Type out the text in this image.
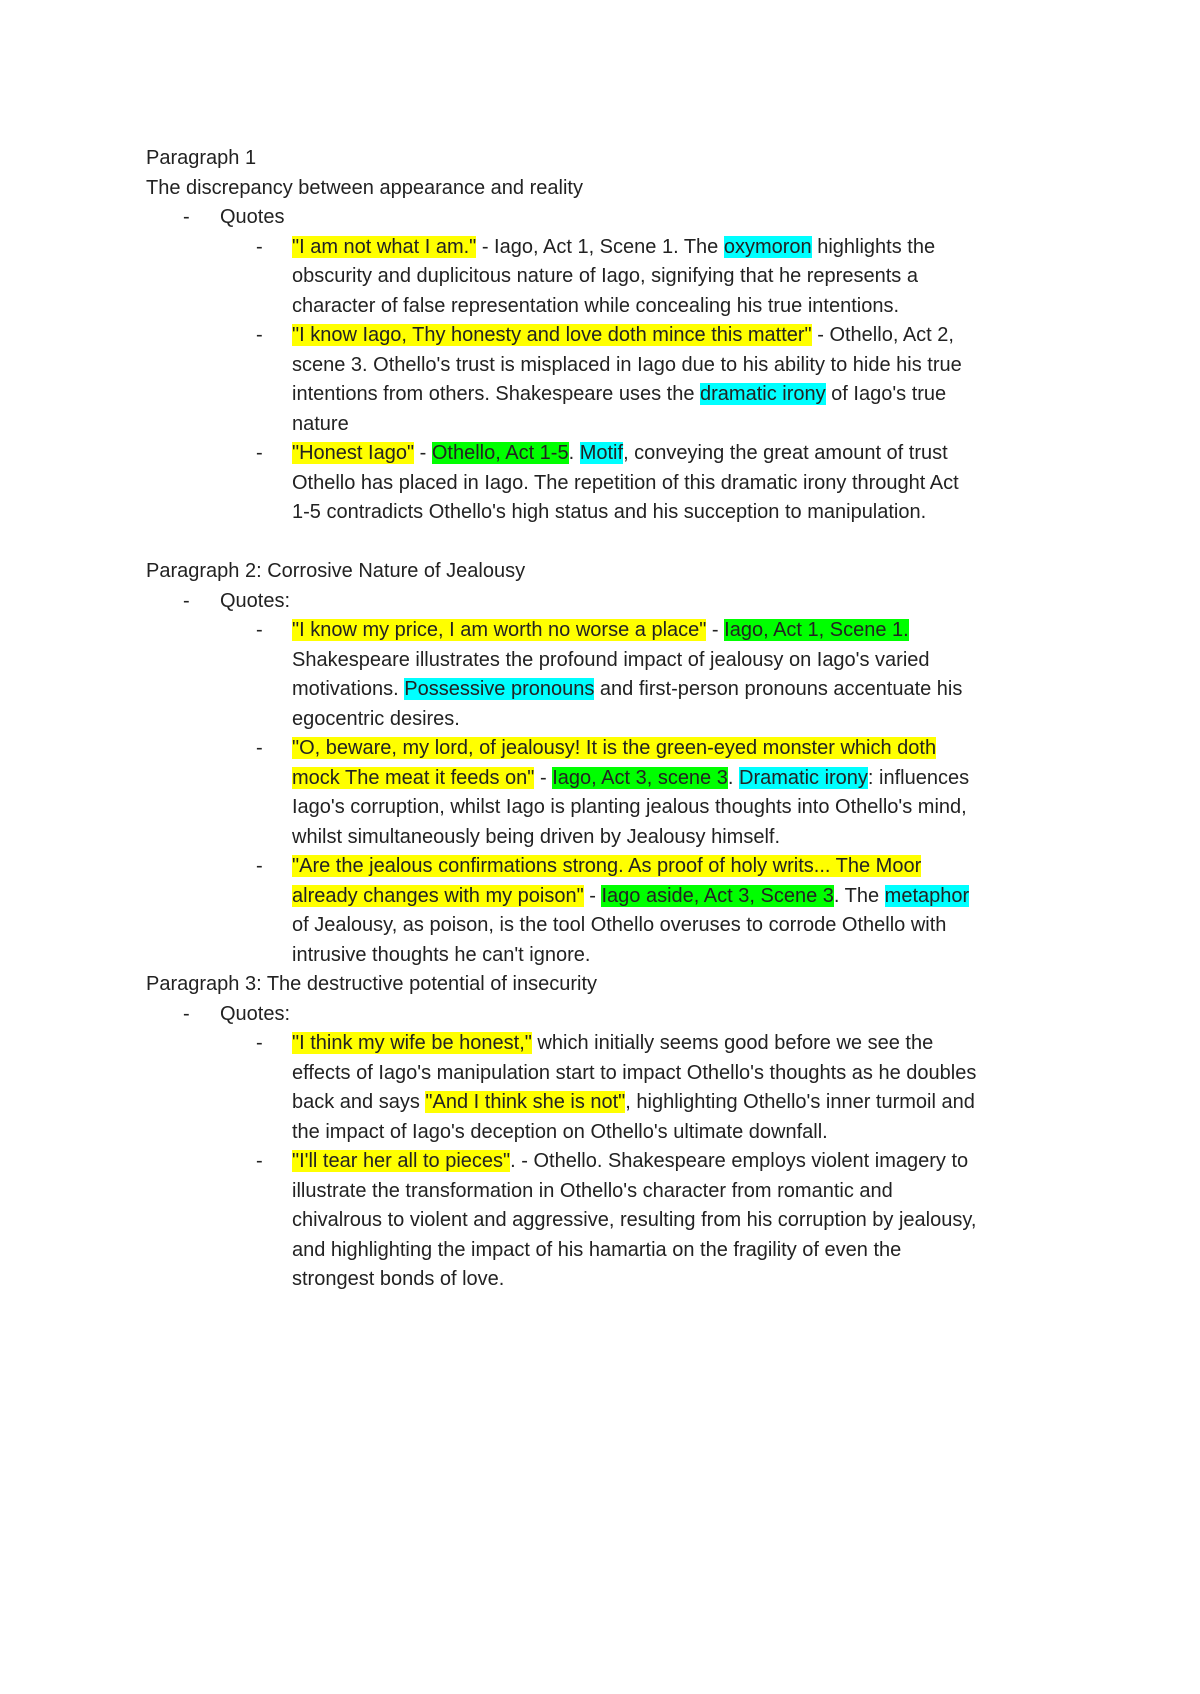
Paragraph 1
The discrepancy between appearance and reality
- Quotes
- "I am not what I am." - Iago, Act 1, Scene 1. The oxymoron highlights the
obscurity and duplicitous nature of Iago, signifying that he represents a
character of false representation while concealing his true intentions.
- "I know Iago, Thy honesty and love doth mince this matter" - Othello, Act 2,
scene 3. Othello's trust is misplaced in Iago due to his ability to hide his true
intentions from others. Shakespeare uses the dramatic irony of Iago's true
nature
- "Honest Iago" - Othello, Act 1-5. Motif, conveying the great amount of trust
Othello has placed in Iago. The repetition of this dramatic irony throught Act
1-5 contradicts Othello's high status and his sucception to manipulation.
Paragraph 2: Corrosive Nature of Jealousy
- Quotes:
- "I know my price, I am worth no worse a place" - Iago, Act 1, Scene 1.
Shakespeare illustrates the profound impact of jealousy on Iago's varied
motivations. Possessive pronouns and first-person pronouns accentuate his
egocentric desires.
- "O, beware, my lord, of jealousy! It is the green-eyed monster which doth
mock The meat it feeds on" - Iago, Act 3, scene 3. Dramatic irony: influences
Iago's corruption, whilst Iago is planting jealous thoughts into Othello's mind,
whilst simultaneously being driven by Jealousy himself.
- "Are the jealous confirmations strong. As proof of holy writs... The Moor
already changes with my poison" - Iago aside, Act 3, Scene 3. The metaphor
of Jealousy, as poison, is the tool Othello overuses to corrode Othello with
intrusive thoughts he can't ignore.
Paragraph 3: The destructive potential of insecurity
- Quotes:
- "I think my wife be honest," which initially seems good before we see the
effects of Iago's manipulation start to impact Othello's thoughts as he doubles
back and says "And I think she is not", highlighting Othello's inner turmoil and
the impact of Iago's deception on Othello's ultimate downfall.
- "I'll tear her all to pieces". - Othello. Shakespeare employs violent imagery to
illustrate the transformation in Othello's character from romantic and
chivalrous to violent and aggressive, resulting from his corruption by jealousy,
and highlighting the impact of his hamartia on the fragility of even the
strongest bonds of love.
